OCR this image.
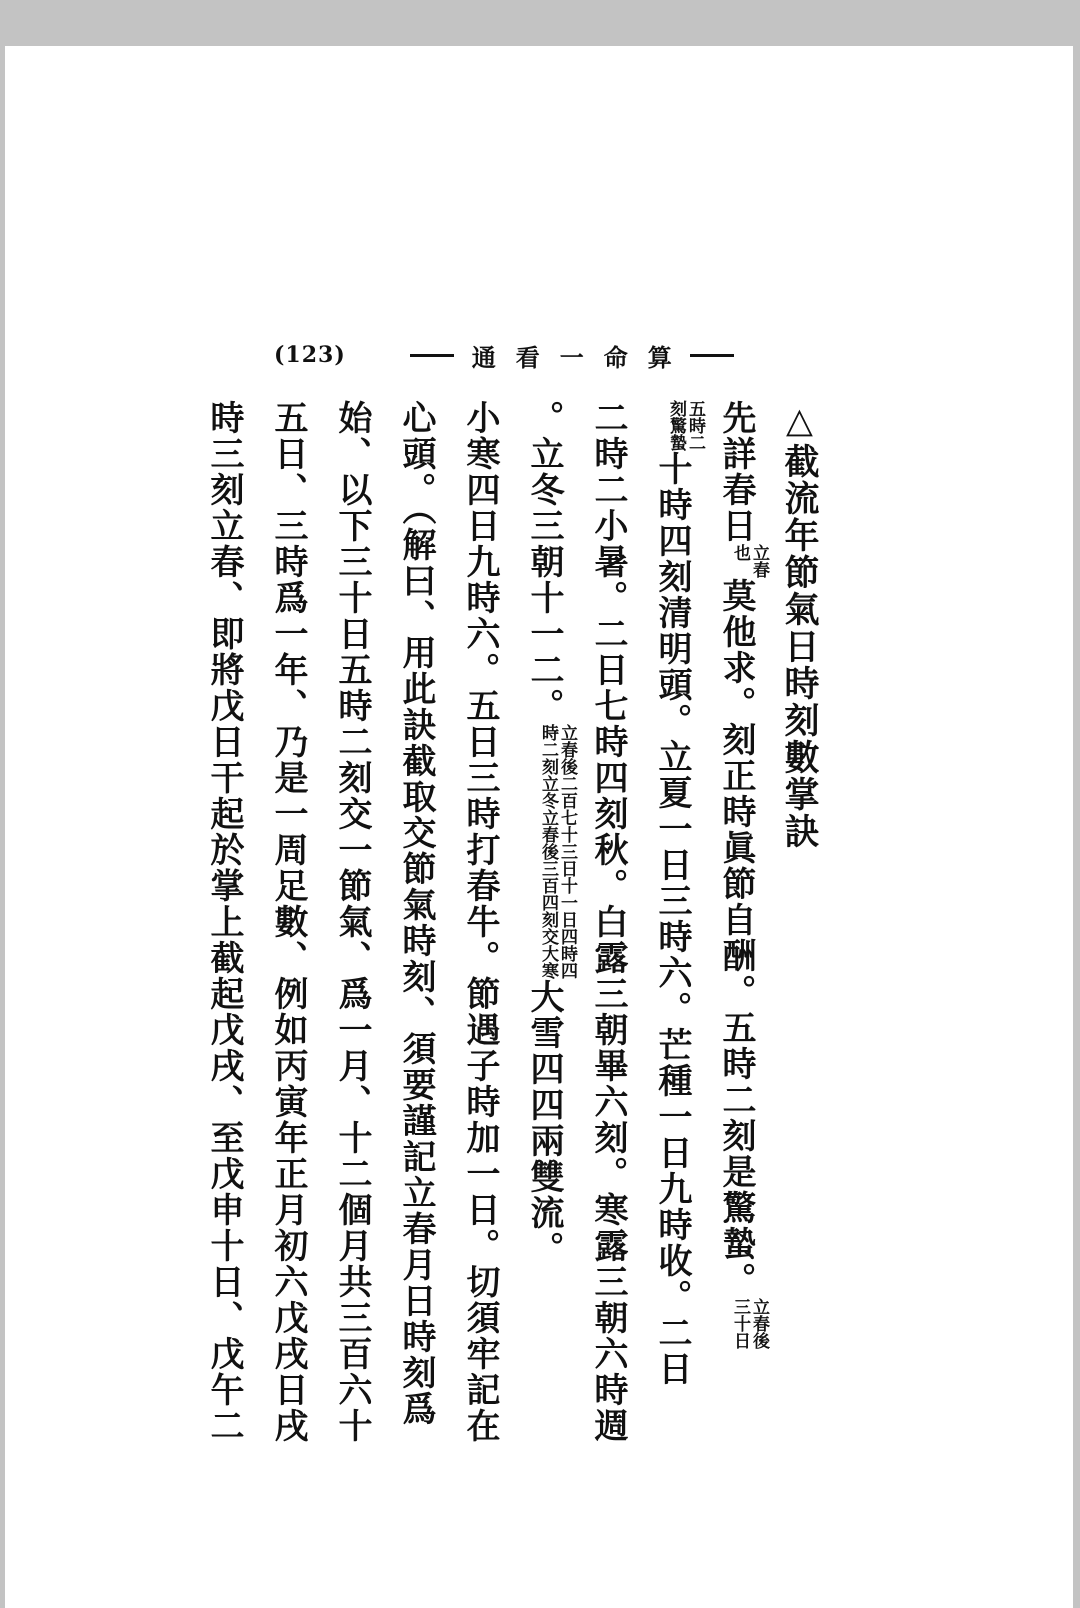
(123)	通 看 一 命 算
△截流年節氣日時刻數掌訣
先詳春日
立春
也
莫他求。刻正時眞節自酬。五時二刻是驚蟄。
立春後
三十日
五時二
刻驚蟄
十時四刻清明頭。立夏一日三時六。芒種一日九時收。二日
二時二小暑。二日七時四刻秋。白露三朝畢六刻。寒露三朝六時週
。立冬三朝十一二。
立春後二百七十三日十一日四時四
時二刻立冬立春後三百四刻交大寒
大雪四四兩雙流。
小寒四日九時六。五日三時打春牛。節遇子時加一日。切須牢記在
心頭。（解曰、用此訣截取交節氣時刻、須要謹記立春月日時刻爲
始、以下三十日五時二刻交一節氣、爲一月、十二個月共三百六十
五日、三時爲一年、乃是一周足數、例如丙寅年正月初六戊戌日戌
時三刻立春、即將戊日干起於掌上截起戊戌、至戊申十日、戊午二
